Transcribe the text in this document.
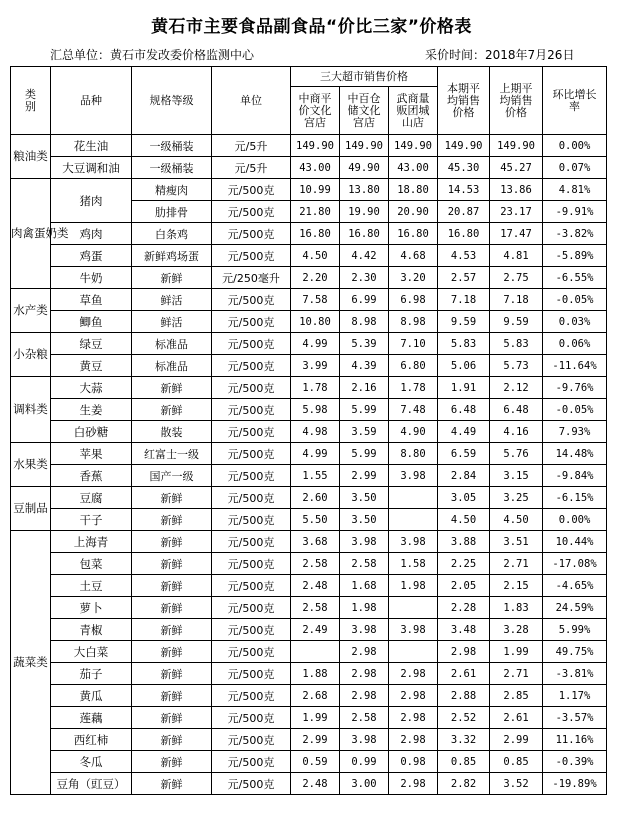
黄石市主要食品副食品“价比三家”价格表
汇总单位：黄石市发改委价格监测中心	采价时间：2018年7月26日
类别	品种	规格等级	单位	三大超市销售价格			本期平均销售价格	上期平均销售价格	环比增长率
				中商平价文化宫店	中百仓储文化宫店	武商量贩团城山店			
粮油类	花生油	一级桶装	元/5升	149.90	149.90	149.90	149.90	149.90	0.00%
	大豆调和油	一级桶装	元/5升	43.00	49.90	43.00	45.30	45.27	0.07%
肉禽蛋奶类	猪肉	精瘦肉	元/500克	10.99	13.80	18.80	14.53	13.86	4.81%
		肋排骨	元/500克	21.80	19.90	20.90	20.87	23.17	-9.91%
	鸡肉	白条鸡	元/500克	16.80	16.80	16.80	16.80	17.47	-3.82%
	鸡蛋	新鲜鸡场蛋	元/500克	4.50	4.42	4.68	4.53	4.81	-5.89%
	牛奶	新鲜	元/250毫升	2.20	2.30	3.20	2.57	2.75	-6.55%
水产类	草鱼	鲜活	元/500克	7.58	6.99	6.98	7.18	7.18	-0.05%
	鲫鱼	鲜活	元/500克	10.80	8.98	8.98	9.59	9.59	0.03%
小杂粮	绿豆	标准品	元/500克	4.99	5.39	7.10	5.83	5.83	0.06%
	黄豆	标准品	元/500克	3.99	4.39	6.80	5.06	5.73	-11.64%
调料类	大蒜	新鲜	元/500克	1.78	2.16	1.78	1.91	2.12	-9.76%
	生姜	新鲜	元/500克	5.98	5.99	7.48	6.48	6.48	-0.05%
	白砂糖	散装	元/500克	4.98	3.59	4.90	4.49	4.16	7.93%
水果类	苹果	红富士一级	元/500克	4.99	5.99	8.80	6.59	5.76	14.48%
	香蕉	国产一级	元/500克	1.55	2.99	3.98	2.84	3.15	-9.84%
豆制品	豆腐	新鲜	元/500克	2.60	3.50		3.05	3.25	-6.15%
	干子	新鲜	元/500克	5.50	3.50		4.50	4.50	0.00%
蔬菜类	上海青	新鲜	元/500克	3.68	3.98	3.98	3.88	3.51	10.44%
	包菜	新鲜	元/500克	2.58	2.58	1.58	2.25	2.71	-17.08%
	土豆	新鲜	元/500克	2.48	1.68	1.98	2.05	2.15	-4.65%
	萝卜	新鲜	元/500克	2.58	1.98		2.28	1.83	24.59%
	青椒	新鲜	元/500克	2.49	3.98	3.98	3.48	3.28	5.99%
	大白菜	新鲜	元/500克		2.98		2.98	1.99	49.75%
	茄子	新鲜	元/500克	1.88	2.98	2.98	2.61	2.71	-3.81%
	黄瓜	新鲜	元/500克	2.68	2.98	2.98	2.88	2.85	1.17%
	莲藕	新鲜	元/500克	1.99	2.58	2.98	2.52	2.61	-3.57%
	西红柿	新鲜	元/500克	2.99	3.98	2.98	3.32	2.99	11.16%
	冬瓜	新鲜	元/500克	0.59	0.99	0.98	0.85	0.85	-0.39%
	豆角（豇豆）	新鲜	元/500克	2.48	3.00	2.98	2.82	3.52	-19.89%
